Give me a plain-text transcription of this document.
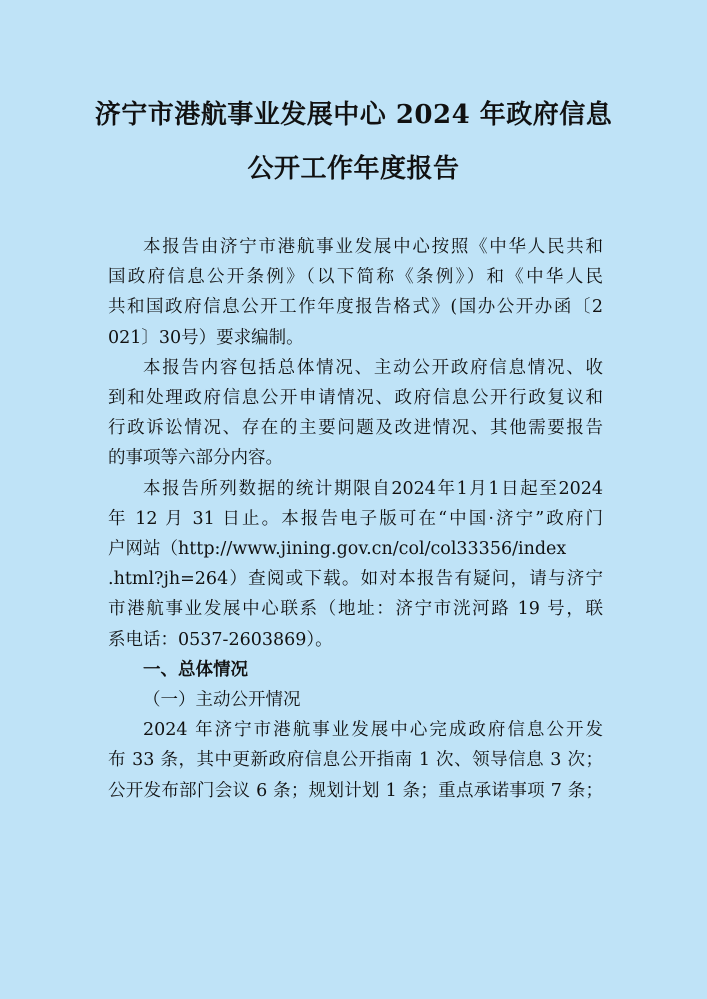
济宁市港航事业发展中心 2024 年政府信息
公开工作年度报告

本报告由济宁市港航事业发展中心按照《中华人民共和

国政府信息公开条例》（以下简称《条例》）和《中华人民

共和国政府信息公开工作年度报告格式》(国办公开办函〔2

021〕30号）要求编制。

本报告内容包括总体情况、主动公开政府信息情况、收

到和处理政府信息公开申请情况、政府信息公开行政复议和

行政诉讼情况、存在的主要问题及改进情况、其他需要报告

的事项等六部分内容。

本报告所列数据的统计期限自2024年1月1日起至2024

年 12 月 31 日止。本报告电子版可在“中国·济宁”政府门

户网站（http://www.jining.gov.cn/col/col33356/index

.html?jh=264）查阅或下载。如对本报告有疑问，请与济宁

市港航事业发展中心联系（地址：济宁市洸河路 19 号，联

系电话：0537-2603869）。

一、总体情况

（一）主动公开情况

2024 年济宁市港航事业发展中心完成政府信息公开发

布 33 条，其中更新政府信息公开指南 1 次、领导信息 3 次；

公开发布部门会议 6 条；规划计划 1 条；重点承诺事项 7 条；
